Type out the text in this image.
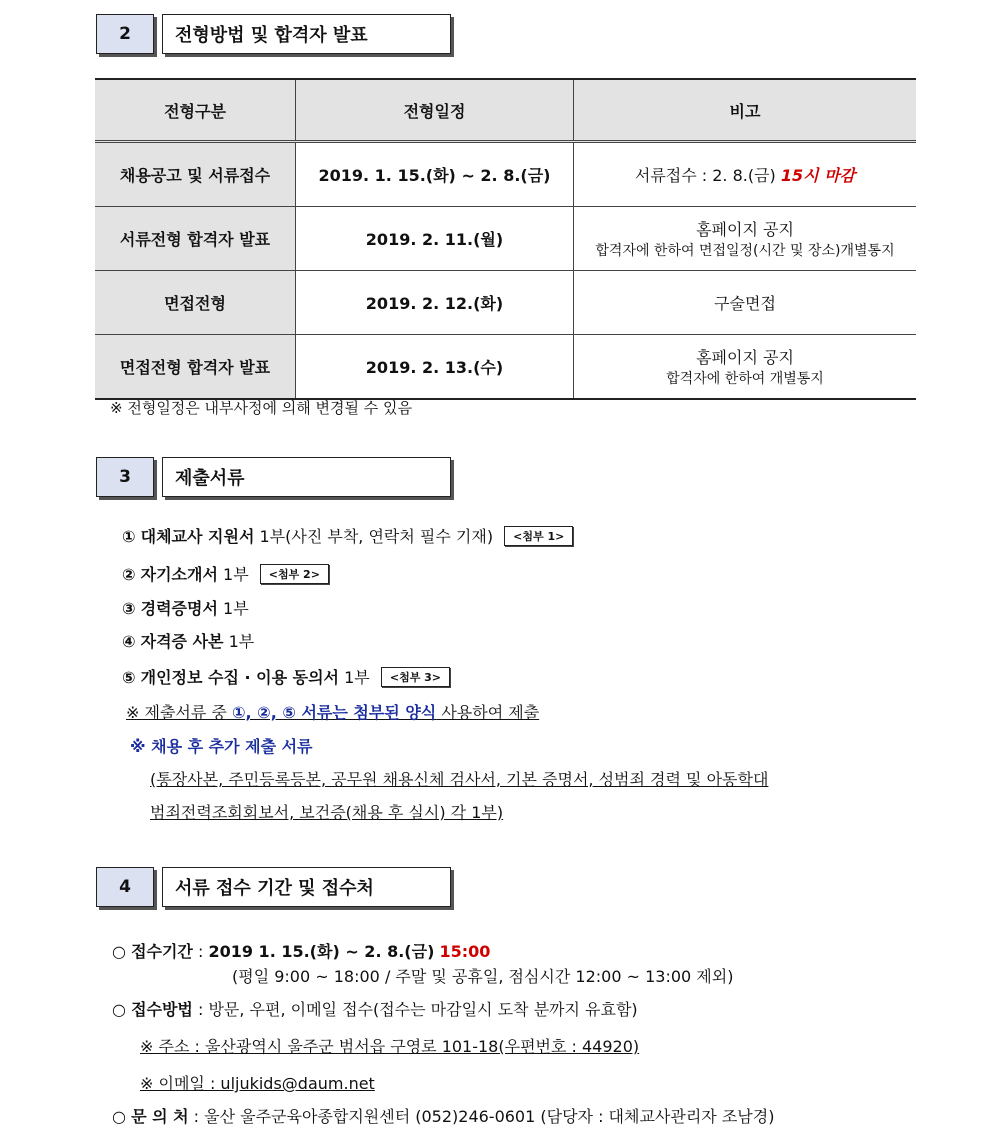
2	전형방법 및 합격자 발표
전형구분	전형일정	비고
채용공고 및 서류접수	2019. 1. 15.(화) ~ 2. 8.(금)	서류접수 : 2. 8.(금) 15시 마감
서류전형 합격자 발표	2019. 2. 11.(월)	홈페이지 공지
합격자에 한하여 면접일정(시간 및 장소)개별통지

면접전형	2019. 2. 12.(화)	구술면접
면접전형 합격자 발표	2019. 2. 13.(수)	홈페이지 공지
합격자에 한하여 개별통지
※ 전형일정은 내부사정에 의해 변경될 수 있음
3	제출서류
① 대체교사 지원서 1부(사진 부착, 연락처 필수 기재) <첨부 1>
② 자기소개서 1부 <첨부 2>
③ 경력증명서 1부
④ 자격증 사본 1부
⑤ 개인정보 수집 · 이용 동의서 1부 <첨부 3>
※ 제출서류 중 ①, ②, ⑤ 서류는 첨부된 양식 사용하여 제출
※ 채용 후 추가 제출 서류
(통장사본, 주민등록등본, 공무원 채용신체 검사서, 기본 증명서, 성범죄 경력 및 아동학대
범죄전력조회회보서, 보건증(채용 후 실시) 각 1부)
4	서류 접수 기간 및 접수처
○ 접수기간 : 2019 1. 15.(화) ~ 2. 8.(금) 15:00
(평일 9:00 ~ 18:00 / 주말 및 공휴일, 점심시간 12:00 ~ 13:00 제외)
○ 접수방법 : 방문, 우편, 이메일 접수(접수는 마감일시 도착 분까지 유효함)
※ 주소 : 울산광역시 울주군 범서읍 구영로 101-18(우편번호 : 44920)
※ 이메일 : uljukids@daum.net
○ 문 의 처 : 울산 울주군육아종합지원센터 (052)246-0601 (담당자 : 대체교사관리자 조남경)
